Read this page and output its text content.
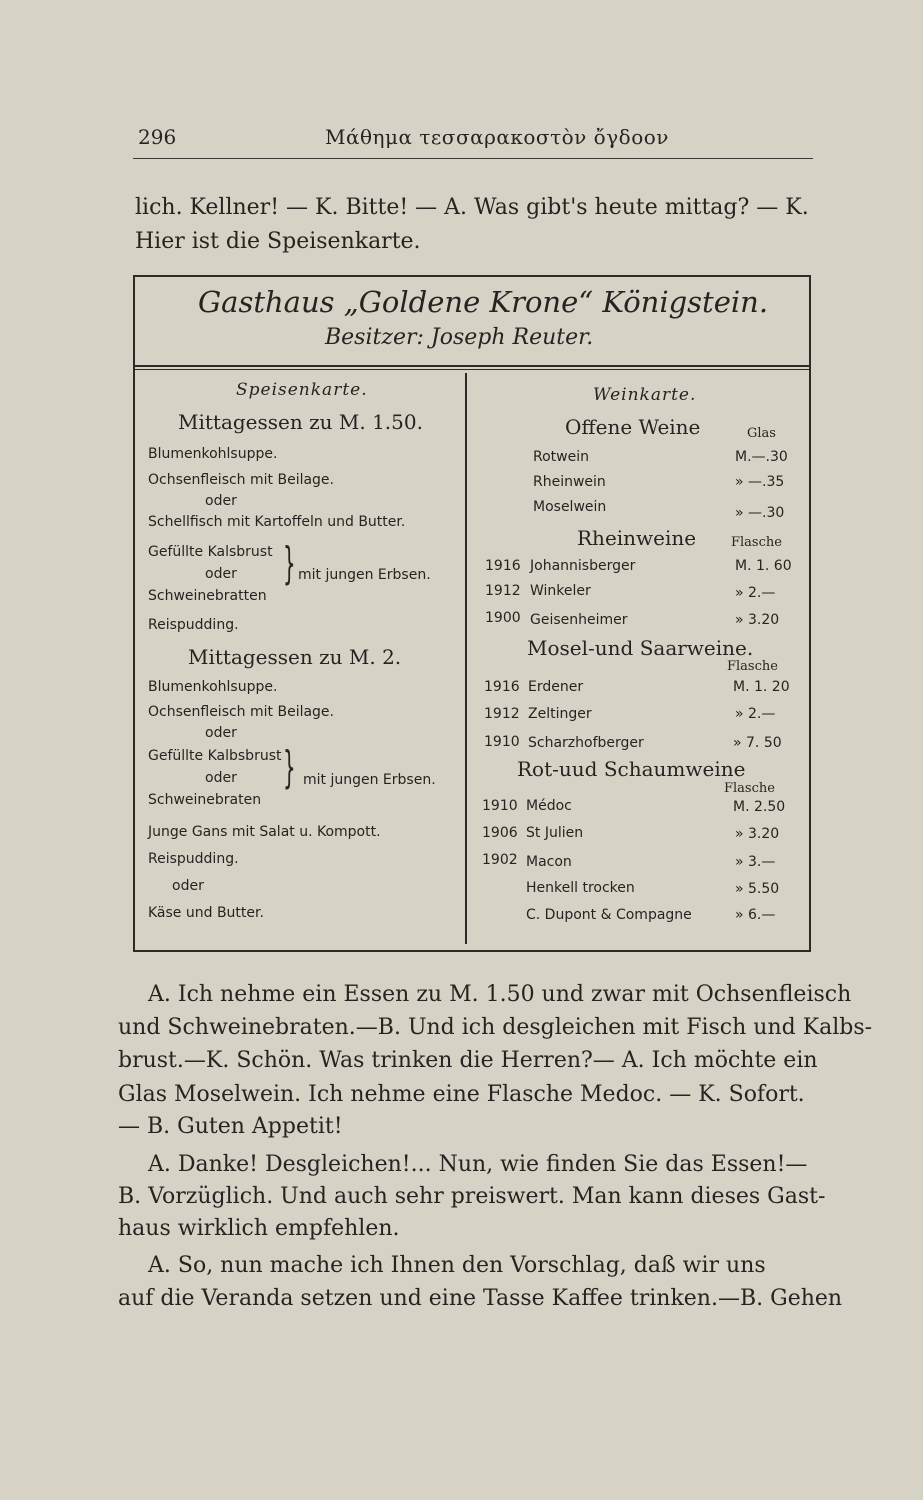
296	Μάθημα τεσσαρακοστὸν ὄγδοον
lich. Kellner! — K. Bitte! — A. Was gibt's heute mittag? — K.
Hier ist die Speisenkarte.
Gasthaus „Goldene Krone“ Königstein.
Besitzer: Joseph Reuter.
Speisenkarte.
Mittagessen zu M. 1.50.
Blumenkohlsuppe.
Ochsenfleisch mit Beilage.
oder
Schellfisch mit Kartoffeln und Butter.
Gefüllte Kalsbrust
oder
Schweinebratten
} mit jungen Erbsen.
Reispudding.
Mittagessen zu M. 2.
Blumenkohlsuppe.
Ochsenfleisch mit Beilage.
oder
Gefüllte Kalbsbrust
oder
Schweinebraten
} mit jungen Erbsen.
Junge Gans mit Salat u. Kompott.
Reispudding.
oder
Käse und Butter.
Weinkarte.
Offene Weine	Glas
Rotwein	M.—.30
Rheinwein	» —.35
Moselwein	» —.30
Rheinweine	Flasche
1916 Johannisberger	M. 1. 60
1912 Winkeler	» 2.—
1900 Geisenheimer	» 3.20
Mosel-und Saarweine.
Flasche
1916 Erdener	M. 1. 20
1912 Zeltinger	» 2.—
1910 Scharzhofberger	» 7. 50
Rot-uud Schaumweine
Flasche
1910 Médoc	M. 2.50
1906 St Julien	» 3.20
1902 Macon	» 3.—
Henkell trocken	» 5.50
C. Dupont & Compagne	» 6.—
A. Ich nehme ein Essen zu M. 1.50 und zwar mit Ochsenfleisch
und Schweinebraten.—B. Und ich desgleichen mit Fisch und Kalbs-
brust.—K. Schön. Was trinken die Herren?— A. Ich möchte ein
Glas Moselwein. Ich nehme eine Flasche Medoc. — K. Sofort.
— B. Guten Appetit!
A. Danke! Desgleichen!... Nun, wie finden Sie das Essen!—
B. Vorzüglich. Und auch sehr preiswert. Man kann dieses Gast-
haus wirklich empfehlen.
A. So, nun mache ich Ihnen den Vorschlag, daß wir uns
auf die Veranda setzen und eine Tasse Kaffee trinken.—B. Gehen
